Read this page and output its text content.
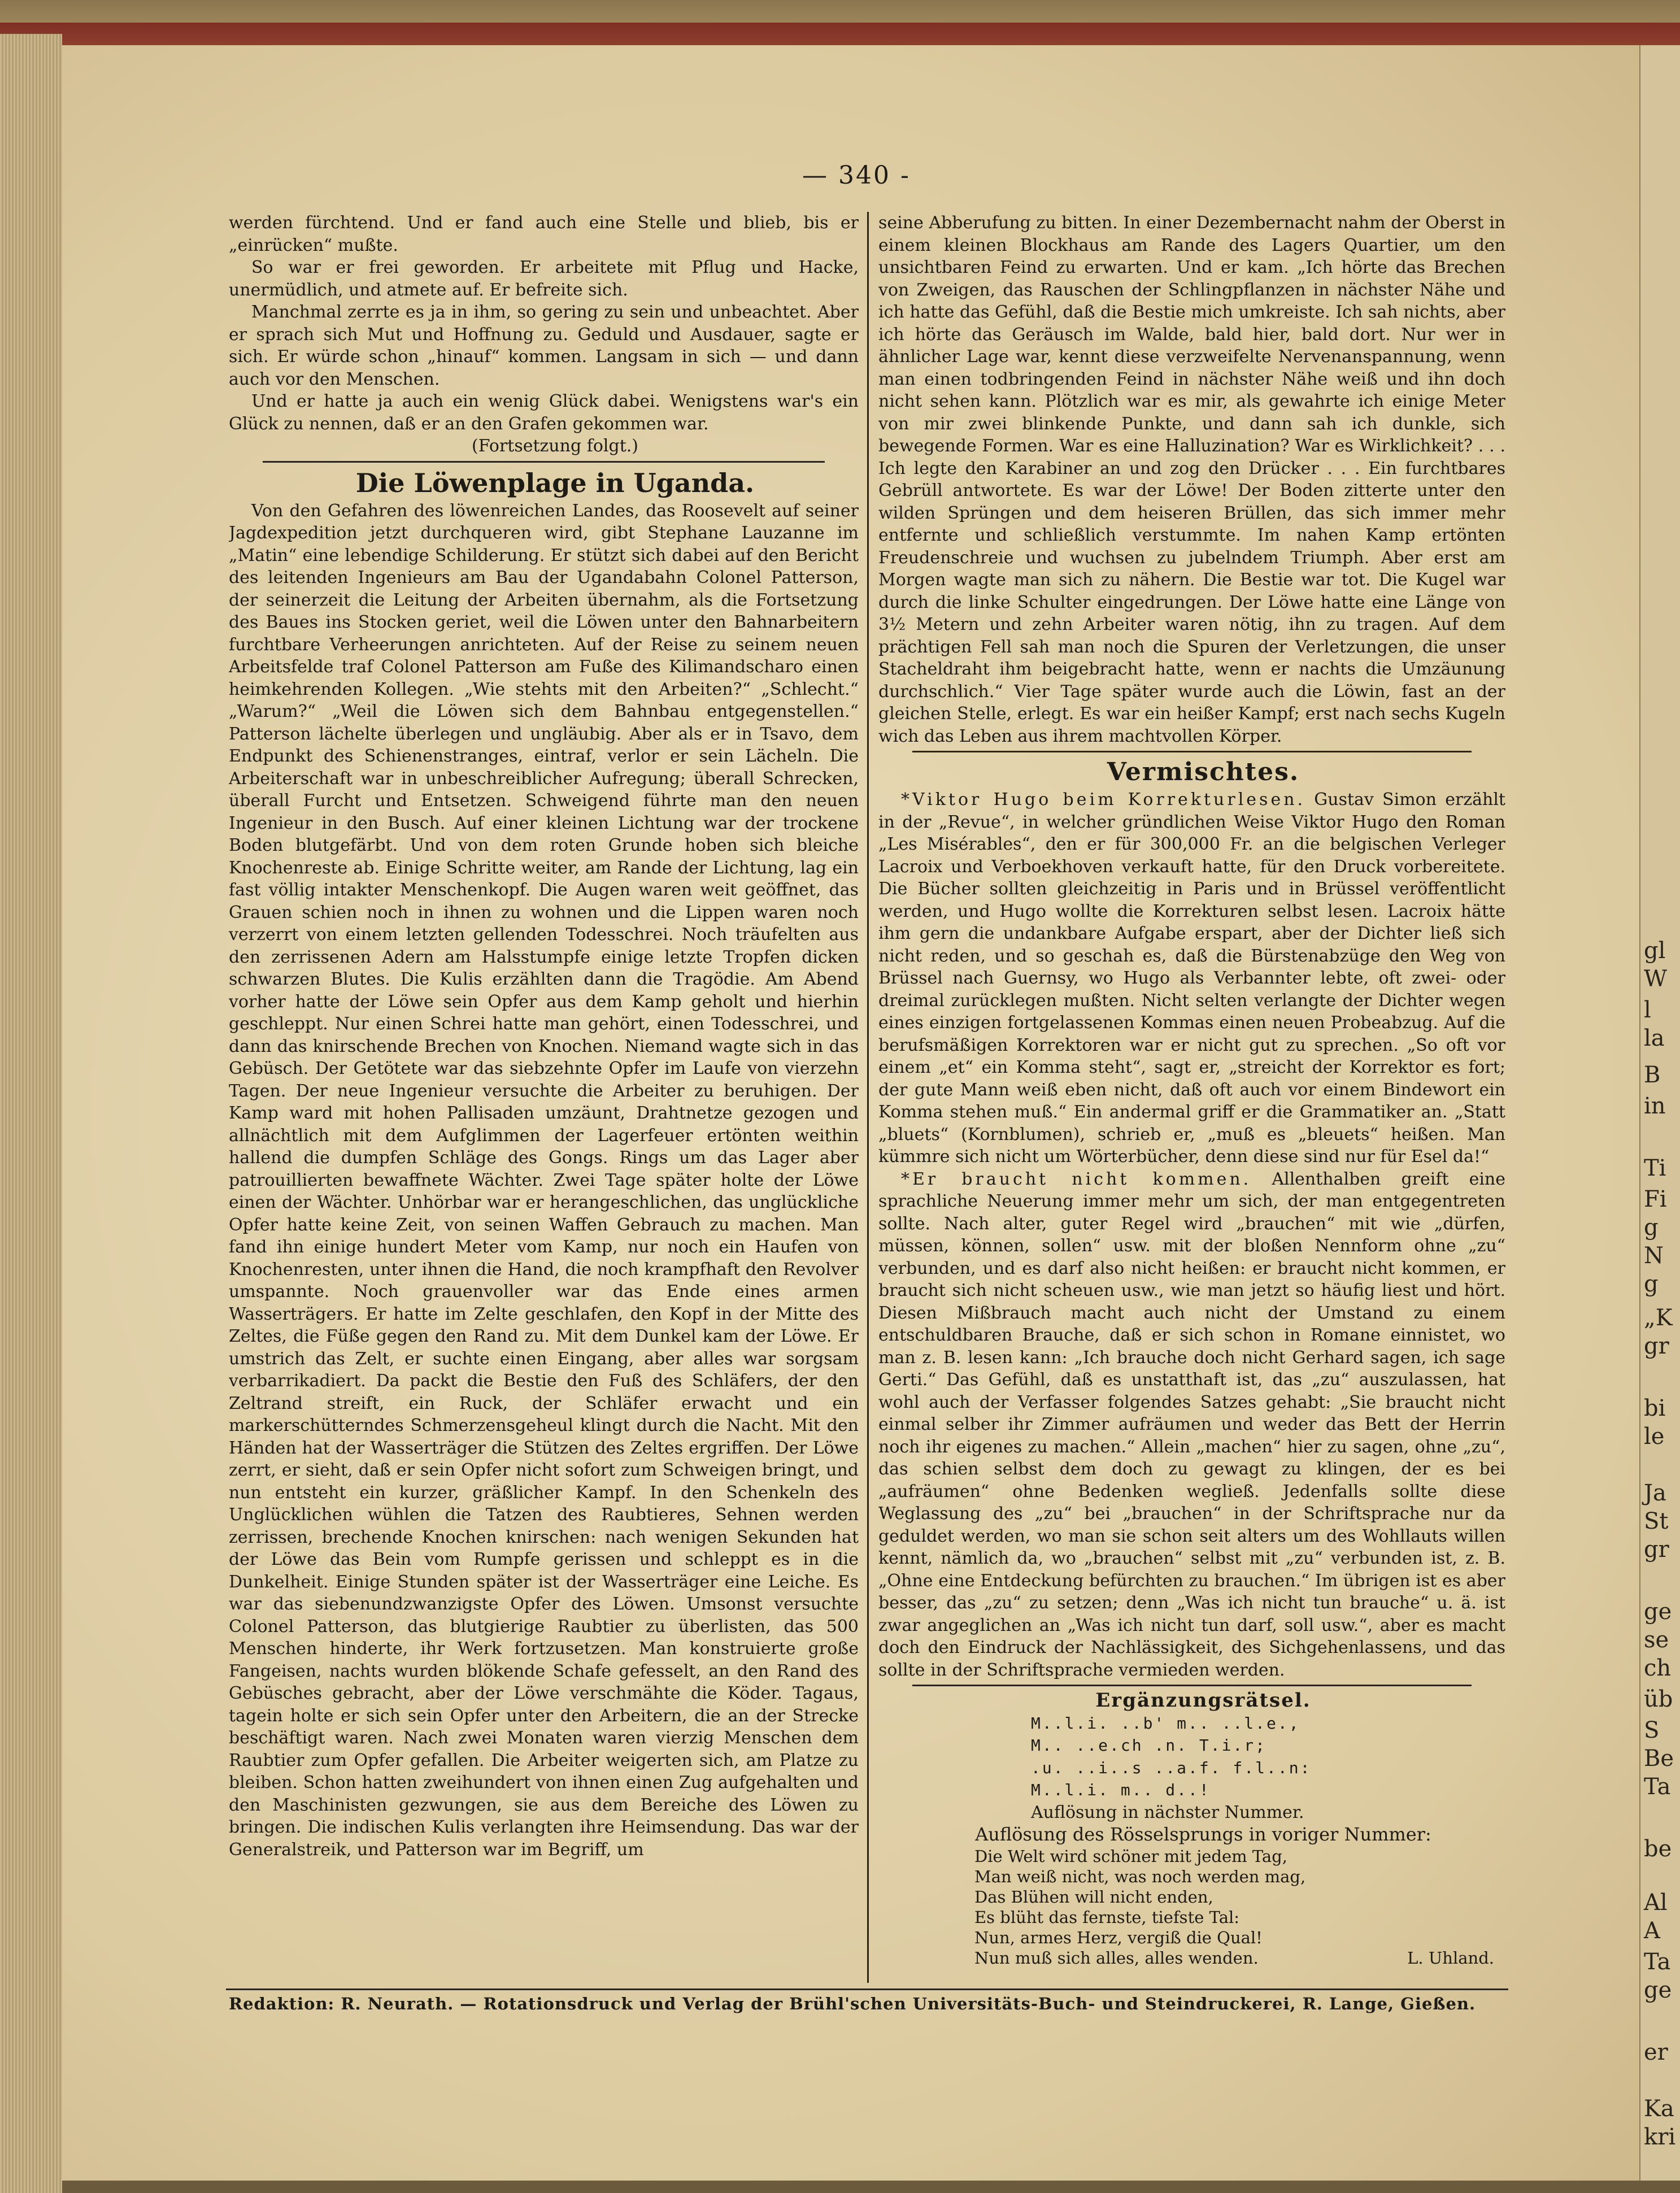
gl
W
l
la
B
in
Ti
Fi
g
N
g
„K
gr
bi
le
Ja
St
gr
ge
se
ch
üb
S
Be
Ta
be
Al
A
Ta
ge
er
Ka
kri
— 340 -

werden fürchtend. Und er fand auch eine Stelle und blieb, bis er „einrücken“ mußte.

So war er frei geworden. Er arbeitete mit Pflug und Hacke, unermüdlich, und atmete auf. Er befreite sich.

Manchmal zerrte es ja in ihm, so gering zu sein und unbeachtet. Aber er sprach sich Mut und Hoffnung zu. Geduld und Ausdauer, sagte er sich. Er würde schon „hinauf“ kommen. Langsam in sich — und dann auch vor den Menschen.

Und er hatte ja auch ein wenig Glück dabei. Wenigstens war's ein Glück zu nennen, daß er an den Grafen gekommen war.

(Fortsetzung folgt.)

Die Löwenplage in Uganda.

Von den Gefahren des löwenreichen Landes, das Roosevelt auf seiner Jagdexpedition jetzt durchqueren wird, gibt Stephane Lauzanne im „Matin“ eine lebendige Schilderung. Er stützt sich dabei auf den Bericht des leitenden Ingenieurs am Bau der Ugandabahn Colonel Patterson, der seinerzeit die Leitung der Arbeiten übernahm, als die Fortsetzung des Baues ins Stocken geriet, weil die Löwen unter den Bahnarbeitern furchtbare Verheerungen anrichteten. Auf der Reise zu seinem neuen Arbeitsfelde traf Colonel Patterson am Fuße des Kilimandscharo einen heimkehrenden Kollegen. „Wie stehts mit den Arbeiten?“ „Schlecht.“ „Warum?“ „Weil die Löwen sich dem Bahnbau entgegenstellen.“ Patterson lächelte überlegen und ungläubig. Aber als er in Tsavo, dem Endpunkt des Schienenstranges, eintraf, verlor er sein Lächeln. Die Arbeiterschaft war in unbeschreiblicher Aufregung; überall Schrecken, überall Furcht und Entsetzen. Schweigend führte man den neuen Ingenieur in den Busch. Auf einer kleinen Lichtung war der trockene Boden blutgefärbt. Und von dem roten Grunde hoben sich bleiche Knochenreste ab. Einige Schritte weiter, am Rande der Lichtung, lag ein fast völlig intakter Menschenkopf. Die Augen waren weit geöffnet, das Grauen schien noch in ihnen zu wohnen und die Lippen waren noch verzerrt von einem letzten gellenden Todesschrei. Noch träufelten aus den zerrissenen Adern am Halsstumpfe einige letzte Tropfen dicken schwarzen Blutes. Die Kulis erzählten dann die Tragödie. Am Abend vorher hatte der Löwe sein Opfer aus dem Kamp geholt und hierhin geschleppt. Nur einen Schrei hatte man gehört, einen Todesschrei, und dann das knirschende Brechen von Knochen. Niemand wagte sich in das Gebüsch. Der Getötete war das siebzehnte Opfer im Laufe von vierzehn Tagen. Der neue Ingenieur versuchte die Arbeiter zu beruhigen. Der Kamp ward mit hohen Pallisaden umzäunt, Drahtnetze gezogen und allnächtlich mit dem Aufglimmen der Lagerfeuer ertönten weithin hallend die dumpfen Schläge des Gongs. Rings um das Lager aber patrouillierten bewaffnete Wächter. Zwei Tage später holte der Löwe einen der Wächter. Unhörbar war er herangeschlichen, das unglückliche Opfer hatte keine Zeit, von seinen Waffen Gebrauch zu machen. Man fand ihn einige hundert Meter vom Kamp, nur noch ein Haufen von Knochenresten, unter ihnen die Hand, die noch krampfhaft den Revolver umspannte. Noch grauenvoller war das Ende eines armen Wasserträgers. Er hatte im Zelte geschlafen, den Kopf in der Mitte des Zeltes, die Füße gegen den Rand zu. Mit dem Dunkel kam der Löwe. Er umstrich das Zelt, er suchte einen Eingang, aber alles war sorgsam verbarrikadiert. Da packt die Bestie den Fuß des Schläfers, der den Zeltrand streift, ein Ruck, der Schläfer erwacht und ein markerschütterndes Schmerzensgeheul klingt durch die Nacht. Mit den Händen hat der Wasserträger die Stützen des Zeltes ergriffen. Der Löwe zerrt, er sieht, daß er sein Opfer nicht sofort zum Schweigen bringt, und nun entsteht ein kurzer, gräßlicher Kampf. In den Schenkeln des Unglücklichen wühlen die Tatzen des Raubtieres, Sehnen werden zerrissen, brechende Knochen knirschen: nach wenigen Sekunden hat der Löwe das Bein vom Rumpfe gerissen und schleppt es in die Dunkelheit. Einige Stunden später ist der Wasserträger eine Leiche. Es war das siebenundzwanzigste Opfer des Löwen. Umsonst versuchte Colonel Patterson, das blutgierige Raubtier zu überlisten, das 500 Menschen hinderte, ihr Werk fortzusetzen. Man konstruierte große Fangeisen, nachts wurden blökende Schafe gefesselt, an den Rand des Gebüsches gebracht, aber der Löwe verschmähte die Köder. Tagaus, tagein holte er sich sein Opfer unter den Arbeitern, die an der Strecke beschäftigt waren. Nach zwei Monaten waren vierzig Menschen dem Raubtier zum Opfer gefallen. Die Arbeiter weigerten sich, am Platze zu bleiben. Schon hatten zweihundert von ihnen einen Zug aufgehalten und den Maschinisten gezwungen, sie aus dem Bereiche des Löwen zu bringen. Die indischen Kulis verlangten ihre Heimsendung. Das war der Generalstreik, und Patterson war im Begriff, um

seine Abberufung zu bitten. In einer Dezembernacht nahm der Oberst in einem kleinen Blockhaus am Rande des Lagers Quartier, um den unsichtbaren Feind zu erwarten. Und er kam. „Ich hörte das Brechen von Zweigen, das Rauschen der Schlingpflanzen in nächster Nähe und ich hatte das Gefühl, daß die Bestie mich umkreiste. Ich sah nichts, aber ich hörte das Geräusch im Walde, bald hier, bald dort. Nur wer in ähnlicher Lage war, kennt diese verzweifelte Nervenanspannung, wenn man einen todbringenden Feind in nächster Nähe weiß und ihn doch nicht sehen kann. Plötzlich war es mir, als gewahrte ich einige Meter von mir zwei blinkende Punkte, und dann sah ich dunkle, sich bewegende Formen. War es eine Halluzination? War es Wirklichkeit? . . . Ich legte den Karabiner an und zog den Drücker . . . Ein furchtbares Gebrüll antwortete. Es war der Löwe! Der Boden zitterte unter den wilden Sprüngen und dem heiseren Brüllen, das sich immer mehr entfernte und schließlich verstummte. Im nahen Kamp ertönten Freudenschreie und wuchsen zu jubelndem Triumph. Aber erst am Morgen wagte man sich zu nähern. Die Bestie war tot. Die Kugel war durch die linke Schulter eingedrungen. Der Löwe hatte eine Länge von 3½ Metern und zehn Arbeiter waren nötig, ihn zu tragen. Auf dem prächtigen Fell sah man noch die Spuren der Verletzungen, die unser Stacheldraht ihm beigebracht hatte, wenn er nachts die Umzäunung durchschlich.“ Vier Tage später wurde auch die Löwin, fast an der gleichen Stelle, erlegt. Es war ein heißer Kampf; erst nach sechs Kugeln wich das Leben aus ihrem machtvollen Körper.

Vermischtes.

*Viktor Hugo beim Korrekturlesen. Gustav Simon erzählt in der „Revue“, in welcher gründlichen Weise Viktor Hugo den Roman „Les Misérables“, den er für 300,000 Fr. an die belgischen Verleger Lacroix und Verboekhoven verkauft hatte, für den Druck vorbereitete. Die Bücher sollten gleichzeitig in Paris und in Brüssel veröffentlicht werden, und Hugo wollte die Korrekturen selbst lesen. Lacroix hätte ihm gern die undankbare Aufgabe erspart, aber der Dichter ließ sich nicht reden, und so geschah es, daß die Bürstenabzüge den Weg von Brüssel nach Guernsy, wo Hugo als Verbannter lebte, oft zwei- oder dreimal zurücklegen mußten. Nicht selten verlangte der Dichter wegen eines einzigen fortgelassenen Kommas einen neuen Probeabzug. Auf die berufsmäßigen Korrektoren war er nicht gut zu sprechen. „So oft vor einem „et“ ein Komma steht“, sagt er, „streicht der Korrektor es fort; der gute Mann weiß eben nicht, daß oft auch vor einem Bindewort ein Komma stehen muß.“ Ein andermal griff er die Grammatiker an. „Statt „bluets“ (Kornblumen), schrieb er, „muß es „bleuets“ heißen. Man kümmre sich nicht um Wörterbücher, denn diese sind nur für Esel da!“

*Er braucht nicht kommen. Allenthalben greift eine sprachliche Neuerung immer mehr um sich, der man entgegentreten sollte. Nach alter, guter Regel wird „brauchen“ mit wie „dürfen, müssen, können, sollen“ usw. mit der bloßen Nennform ohne „zu“ verbunden, und es darf also nicht heißen: er braucht nicht kommen, er braucht sich nicht scheuen usw., wie man jetzt so häufig liest und hört. Diesen Mißbrauch macht auch nicht der Umstand zu einem entschuldbaren Brauche, daß er sich schon in Romane einnistet, wo man z. B. lesen kann: „Ich brauche doch nicht Gerhard sagen, ich sage Gerti.“ Das Gefühl, daß es unstatthaft ist, das „zu“ auszulassen, hat wohl auch der Verfasser folgendes Satzes gehabt: „Sie braucht nicht einmal selber ihr Zimmer aufräumen und weder das Bett der Herrin noch ihr eigenes zu machen.“ Allein „machen“ hier zu sagen, ohne „zu“, das schien selbst dem doch zu gewagt zu klingen, der es bei „aufräumen“ ohne Bedenken wegließ. Jedenfalls sollte diese Weglassung des „zu“ bei „brauchen“ in der Schriftsprache nur da geduldet werden, wo man sie schon seit alters um des Wohllauts willen kennt, nämlich da, wo „brauchen“ selbst mit „zu“ verbunden ist, z. B. „Ohne eine Entdeckung befürchten zu brauchen.“ Im übrigen ist es aber besser, das „zu“ zu setzen; denn „Was ich nicht tun brauche“ u. ä. ist zwar angeglichen an „Was ich nicht tun darf, soll usw.“, aber es macht doch den Eindruck der Nachlässigkeit, des Sichgehenlassens, und das sollte in der Schriftsprache vermieden werden.

Ergänzungsrätsel.

M..l.i. ..b' m.. ..l.e.,
M.. ..e.ch .n. T.i.r;
.u. ..i..s ..a.f. f.l..n:
M..l.i. m.. d..!
Auflösung in nächster Nummer.

Auflösung des Rösselsprungs in voriger Nummer:

Die Welt wird schöner mit jedem Tag,
Man weiß nicht, was noch werden mag,
Das Blühen will nicht enden,
Es blüht das fernste, tiefste Tal:
Nun, armes Herz, vergiß die Qual!
Nun muß sich alles, alles wenden.	L. Uhland.
Redaktion: R. Neurath. — Rotationsdruck und Verlag der Brühl'schen Universitäts-Buch- und Steindruckerei, R. Lange, Gießen.
